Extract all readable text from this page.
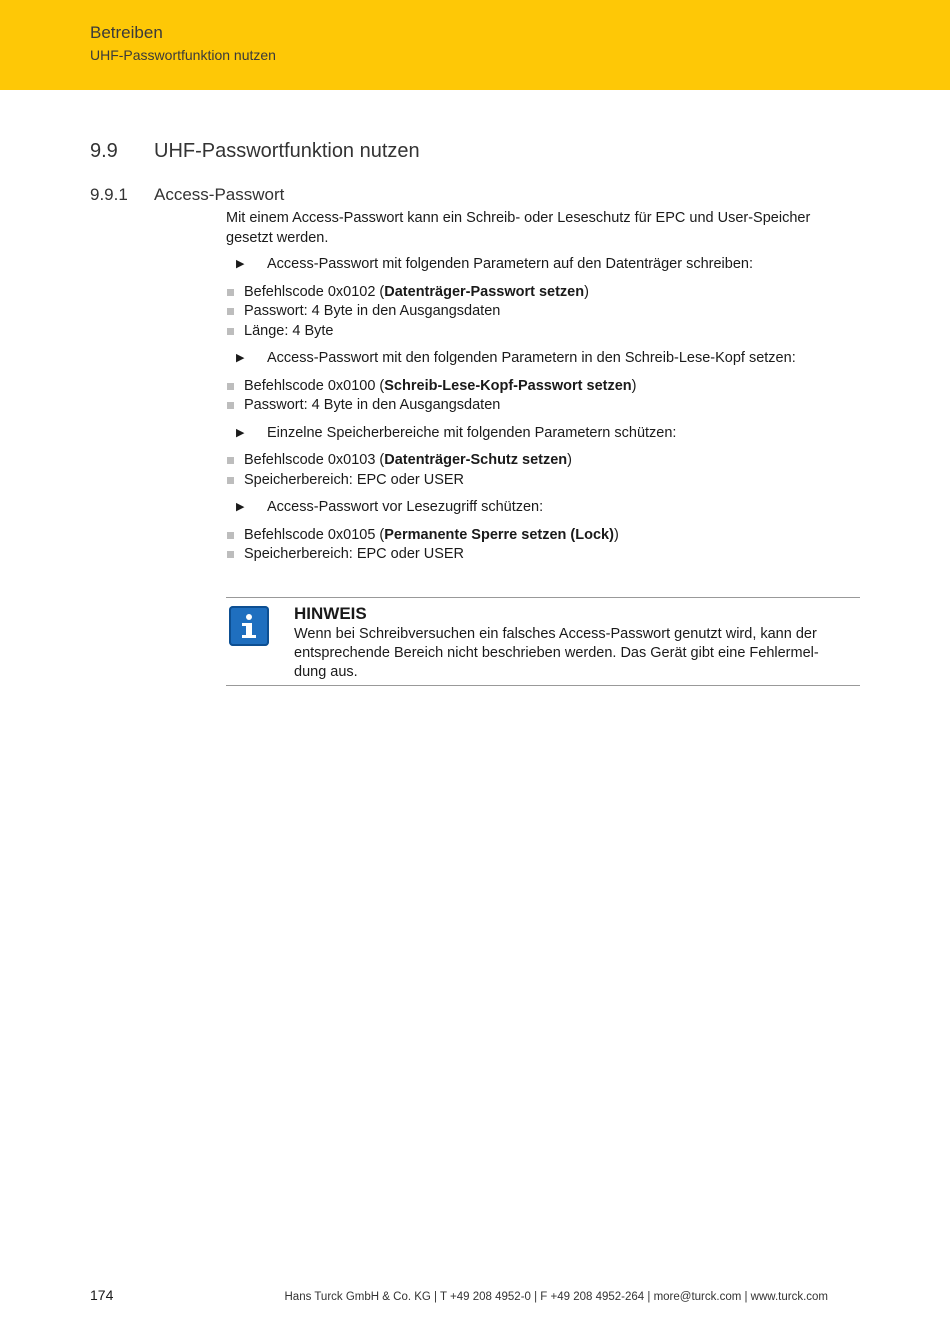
Betreiben
UHF-Passwortfunktion nutzen
9.9 UHF-Passwortfunktion nutzen
9.9.1 Access-Passwort

Mit einem Access-Passwort kann ein Schreib- oder Leseschutz für EPC und User-Speicher gesetzt werden.

▶ Access-Passwort mit folgenden Parametern auf den Datenträger schreiben:
Befehlscode 0x0102 (Datenträger-Passwort setzen)
Passwort: 4 Byte in den Ausgangsdaten
Länge: 4 Byte
▶ Access-Passwort mit den folgenden Parametern in den Schreib-Lese-Kopf setzen:
Befehlscode 0x0100 (Schreib-Lese-Kopf-Passwort setzen)
Passwort: 4 Byte in den Ausgangsdaten
▶ Einzelne Speicherbereiche mit folgenden Parametern schützen:
Befehlscode 0x0103 (Datenträger-Schutz setzen)
Speicherbereich: EPC oder USER
▶ Access-Passwort vor Lesezugriff schützen:
Befehlscode 0x0105 (Permanente Sperre setzen (Lock))
Speicherbereich: EPC oder USER
HINWEIS
Wenn bei Schreibversuchen ein falsches Access-Passwort genutzt wird, kann der
entsprechende Bereich nicht beschrieben werden. Das Gerät gibt eine Fehlermel-
dung aus.
174	Hans Turck GmbH & Co. KG | T +49 208 4952-0 | F +49 208 4952-264 | more@turck.com | www.turck.com
